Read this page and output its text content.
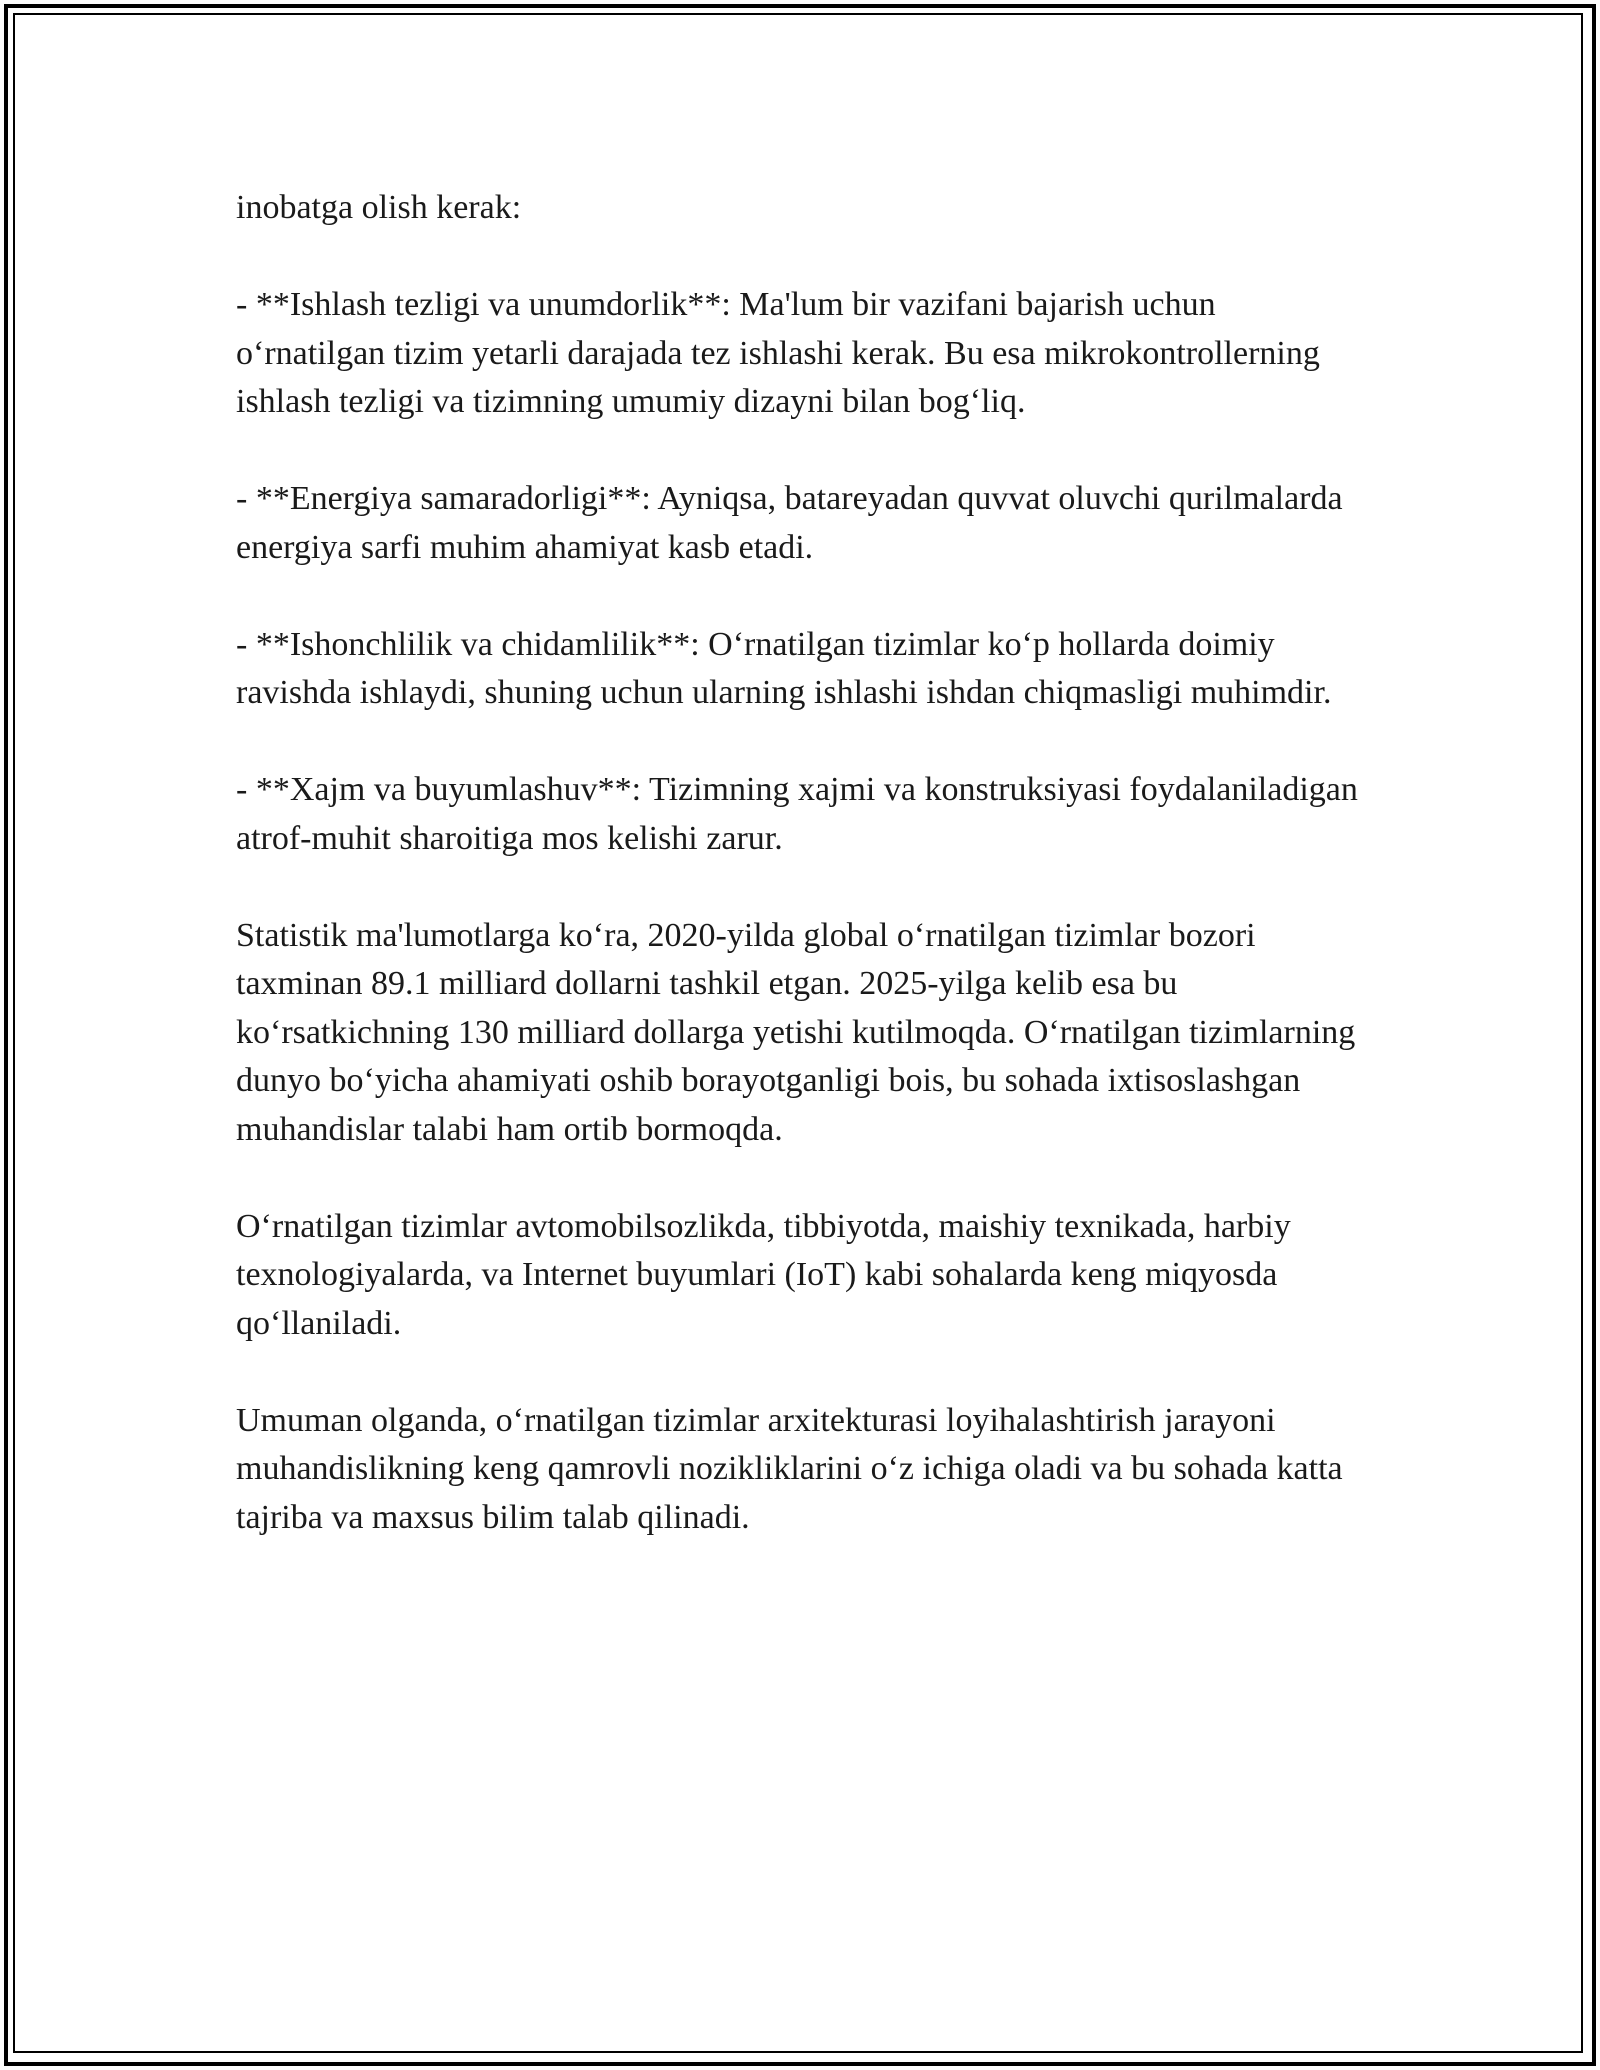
inobatga olish kerak:

- **Ishlash tezligi va unumdorlik**: Ma'lum bir vazifani bajarish uchun o‘rnatilgan tizim yetarli darajada tez ishlashi kerak. Bu esa mikrokontrollerning ishlash tezligi va tizimning umumiy dizayni bilan bog‘liq.

- **Energiya samaradorligi**: Ayniqsa, batareyadan quvvat oluvchi qurilmalarda energiya sarfi muhim ahamiyat kasb etadi.

- **Ishonchlilik va chidamlilik**: O‘rnatilgan tizimlar ko‘p hollarda doimiy ravishda ishlaydi, shuning uchun ularning ishlashi ishdan chiqmasligi muhimdir.

- **Xajm va buyumlashuv**: Tizimning xajmi va konstruksiyasi foydalaniladigan atrof-muhit sharoitiga mos kelishi zarur.

Statistik ma'lumotlarga ko‘ra, 2020-yilda global o‘rnatilgan tizimlar bozori taxminan 89.1 milliard dollarni tashkil etgan. 2025-yilga kelib esa bu ko‘rsatkichning 130 milliard dollarga yetishi kutilmoqda. O‘rnatilgan tizimlarning dunyo bo‘yicha ahamiyati oshib borayotganligi bois, bu sohada ixtisoslashgan muhandislar talabi ham ortib bormoqda.

O‘rnatilgan tizimlar avtomobilsozlikda, tibbiyotda, maishiy texnikada, harbiy texnologiyalarda, va Internet buyumlari (IoT) kabi sohalarda keng miqyosda qo‘llaniladi.

Umuman olganda, o‘rnatilgan tizimlar arxitekturasi loyihalashtirish jarayoni muhandislikning keng qamrovli nozikliklarini o‘z ichiga oladi va bu sohada katta tajriba va maxsus bilim talab qilinadi.
